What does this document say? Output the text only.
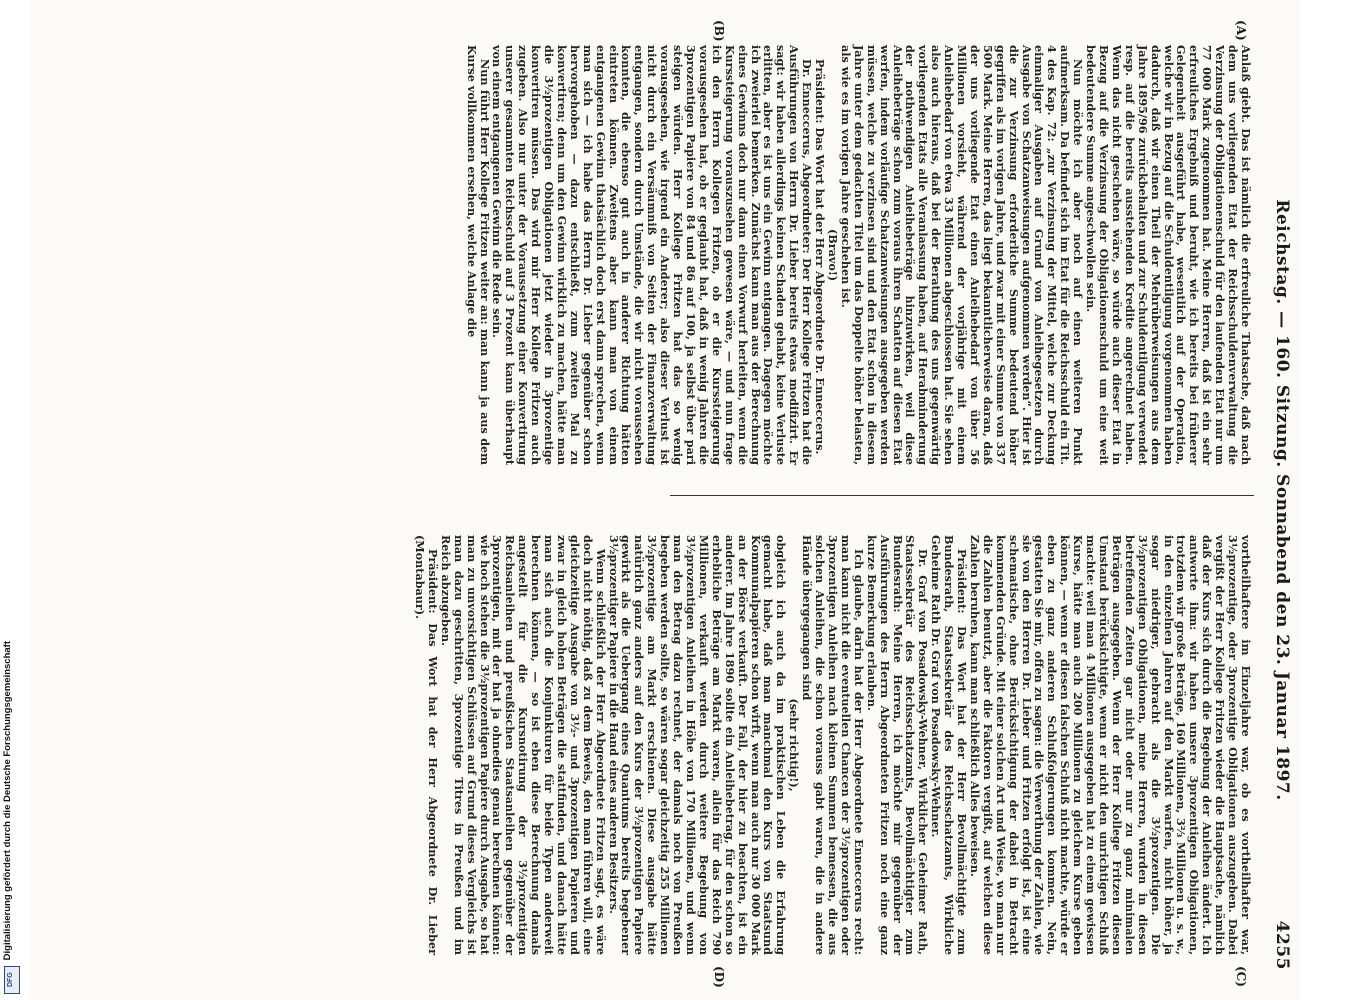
Reichstag. — 160. Sitzung. Sonnabend den 23. Januar 1897.
4255
(A)
(B)
(C)
(D)

Anlaß giebt. Das ist nämlich die erfreuliche Thatsache, daß nach dem uns vorliegenden Etat der Reichsschuldenverwaltung die Verzinsung der Obligationenschuld für den laufenden Etat nur um 77 000 Mark zugenommen hat. Meine Herren, daß ist ein sehr erfreuliches Ergebniß und beruht, wie ich bereits bei früherer Gelegenheit ausgeführt habe, wesentlich auf der Operation, welche wir in Bezug auf die Schuldentilgung vorgenommen haben dadurch, daß wir einen Theil der Mehrüberweisungen aus dem Jahre 1895/96 zurückbehalten und zur Schuldentilgung verwendet resp. auf die bereits ausstehenden Kredite angerechnet haben. Wenn das nicht geschehen wäre, so würde auch dieser Etat in Bezug auf die Verzinsung der Obligationenschuld um eine weit bedeutendere Summe angeschwollen sein.

Nun möchte ich aber noch auf einen weiteren Punkt aufmerksam. Da befindet sich im Etat für die Reichsschuld ein Tit. 4 des Kap. 72: „zur Verzinsung der Mittel, welche zur Deckung einmaliger Ausgaben auf Grund von Anleihegesetzen durch Ausgabe von Schatzanweisungen aufgenommen werden“. Hier ist die zur Verzinsung erforderliche Summe bedeutend höher gegriffen als im vorigen Jahre, und zwar mit einer Summe von 337 500 Mark. Meine Herren, das liegt bekanntlicherweise daran, daß der uns vorliegende Etat einen Anleihebedarf von über 56 Millionen vorsieht, während der vorjährige mit einem Anleihebedarf von etwa 33 Millionen abgeschlossen hat. Sie sehen also auch hieraus, daß bei der Berathung des uns gegenwärtig vorliegenden Etats alle Veranlassung haben, auf Herabminderung der nothwendigen Anleihebeträge hinzuwirken, weil diese Anleihebeträge schon zum voraus ihren Schatten auf diesen Etat werfen, indem vorläufige Schatzanweisungen ausgegeben werden müssen, welche zu verzinsen sind und den Etat schon in diesem Jahre unter dem gedachten Titel um das Doppelte höher belasten, als wie es im vorigen Jahre geschehen ist.

(Bravo!)

Präsident: Das Wort hat der Herr Abgeordnete Dr. Enneccerus.

Dr. Enneccerus, Abgeordneter: Der Herr Kollege Fritzen hat die Ausführungen von Herrn Dr. Lieber bereits etwas modifizirt. Er sagt: wir haben allerdings keinen Schaden gehabt, keine Verluste erlitten, aber es ist uns ein Gewinn entgangen. Dagegen möchte ich zweierlei bemerken. Zunächst kann man aus der Berechnung eines Gewinns doch nur dann einen Vorwurf herleiten, wenn die Kurssteigerung vorauszusehen gewesen wäre, — und nun frage ich den Herrn Kollegen Fritzen, ob er die Kurssteigerung vorausgesehen hat, ob er geglaubt hat, daß in wenig Jahren die 3prozentigen Papiere von 84 und 86 auf 100, ja selbst über pari steigen würden. Herr Kollege Fritzen hat das so wenig vorausgesehen, wie irgend ein Anderer; also dieser Verlust ist nicht durch ein Versäumniß von Seiten der Finanzverwaltung entgangen, sondern durch Umstände, die wir nicht voraussehen konnten, die ebenso gut auch in anderer Richtung hätten eintreten können. Zweitens aber kann man von einem entgangenen Gewinn thatsächlich doch erst dann sprechen, wenn man sich — ich habe das Herrn Dr. Lieber gegenüber schon hervorgehoben — dazu entschließt, zum zweiten Mal zu konvertiren; denn um den Gewinn wirklich zu machen, hätte man die 3½prozentigen Obligationen jetzt wieder in 3prozentige konvertiren müssen. Das wird mir Herr Kollege Fritzen auch zugeben. Also nur unter der Voraussetzung einer Konvertirung unserer gesammten Reichsschuld auf 3 Prozent kann überhaupt von einem entgangenen Gewinn die Rede sein.

Nun führt Herr Kollege Fritzen weiter an: man kann ja aus dem Kurse vollkommen ersehen, welche Anlage die

vortheilhaftere im Einzeljahre war, ob es vortheilhafter war, 3½prozentige, oder 3prozentige Obligationen auszugeben. Dabei vergißt der Herr Kollege Fritzen wieder die Hauptsache, nämlich daß der Kurs sich durch die Begebung der Anleihen ändert. Ich antworte ihm: wir haben unsere 3prozentigen Obligationen, trotzdem wir große Beträge, 160 Millionen, 3⅔ Millionen u. s. w., in den einzelnen Jahren auf den Markt warfen, nicht höher, ja sogar niedriger, gebracht als die 3½prozentigen. Die 3½prozentigen Obligationen, meine Herren, wurden in diesen betreffenden Zeiten gar nicht oder nur zu ganz minimalen Beträgen ausgegeben. Wenn der Herr Kollege Fritzen diesen Umstand berücksichtigte, wenn er nicht den unrichtigen Schluß machte: weil man 4 Millionen ausgegeben hat zu einem gewissen Kurse, hätte man auch 200 Millionen zu gleichem Kurse geben können, — wenn er diesen falschen Schluß nicht machte, würde er eben zu ganz anderen Schlußfolgerungen kommen. Nein, gestatten Sie mir, offen zu sagen: die Verwerthung der Zahlen, wie sie von den Herren Dr. Lieber und Fritzen erfolgt ist, ist eine schematische, ohne Berücksichtigung der dabei in Betracht kommenden Gründe. Mit einer solchen Art und Weise, wo man nur die Zahlen benutzt, aber die Faktoren vergißt, auf welchen diese Zahlen beruhen, kann man schließlich Alles beweisen.

Präsident: Das Wort hat der Herr Bevollmächtigte zum Bundesrath, Staatssekretär des Reichsschatzamts, Wirkliche Geheime Rath Dr. Graf von Posadowsky-Wehner.

Dr. Graf von Posadowsky-Wehner, Wirklicher Geheimer Rath, Staatssekretär des Reichsschatzamts, Bevollmächtigter zum Bundesrath: Meine Herren, ich möchte mir gegenüber der Ausführungen des Herrn Abgeordneten Fritzen noch eine ganz kurze Bemerkung erlauben.

Ich glaube, darin hat der Herr Abgeordnete Enneccerus recht: man kann nicht die eventuellen Chancen der 3½prozentigen oder 3prozentigen Anleihen nach kleinen Summen bemessen, die aus solchen Anleihen, die schon vorauss gabt waren, die in andere Hände übergegangen sind

(sehr richtig!),

obgleich ich auch da im praktischen Leben die Erfahrung gemacht habe, daß man manchmal den Kurs von Staatsund Kommunalpapieren schon wirft, wenn man auch nur 30 000 Mark an der Börse verkauft. Der Fall, der hier zu beachten, ist ein anderer. Im Jahre 1890 sollte ein Anleihebetrag, für den schon so erhebliche Beträge am Markt waren, allein für das Reich 790 Millionen, verkauft werden durch weitere Begebung von 3½prozentigen Anleihen in Höhe von 170 Millionen, und wenn man den Betrag dazu rechnet, der damals noch von Preußen begeben werden sollte, so wären sogar gleichzeitig 255 Millionen 3½prozentige am Markt erschienen. Diese ausgabe hätte natürlich ganz anders auf den Kurs der 3½prozentigen Papiere gewirkt als die Uebergang eines Quantums bereits begebener 3½prozentiger Papiere in die Hand eines anderen Besitzers.

Wenn schließlich der Herr Abgeordnete Fritzen sagt, es wäre doch nicht nöthig, daß zu dem Beweis, den man führen will, eine gleichzeitige Ausgabe von 3½- und 3prozentigen Papieren und zwar in gleich hohen Beträgen die stattfinden, und danach hätte man sich auch die Konjunkturen für beide Typen anderweit berechnen können, — so ist eben diese Berechnung damals angestellt für die Kursnotirung der 3½prozentigen Reichsanleihen und preußischen Staatsanleihen gegenüber der 3prozentigen, mit der hat ja ohnedies genau berechnen können: wie hoch stehen die 3½prozentigen Papiere durch Ausgabe, so hat man zu unvorsichtigen Schlüssen auf Grund dieses Vergleichs ist man dazu geschritten, 3prozentige Titres in Preußen und im Reich abzugeben.

Präsident: Das Wort hat der Herr Abgeordnete Dr. Lieber (Montabaur).

Digitalisierung gefördert durch die Deutsche Forschungsgemeinschaft
DFG
